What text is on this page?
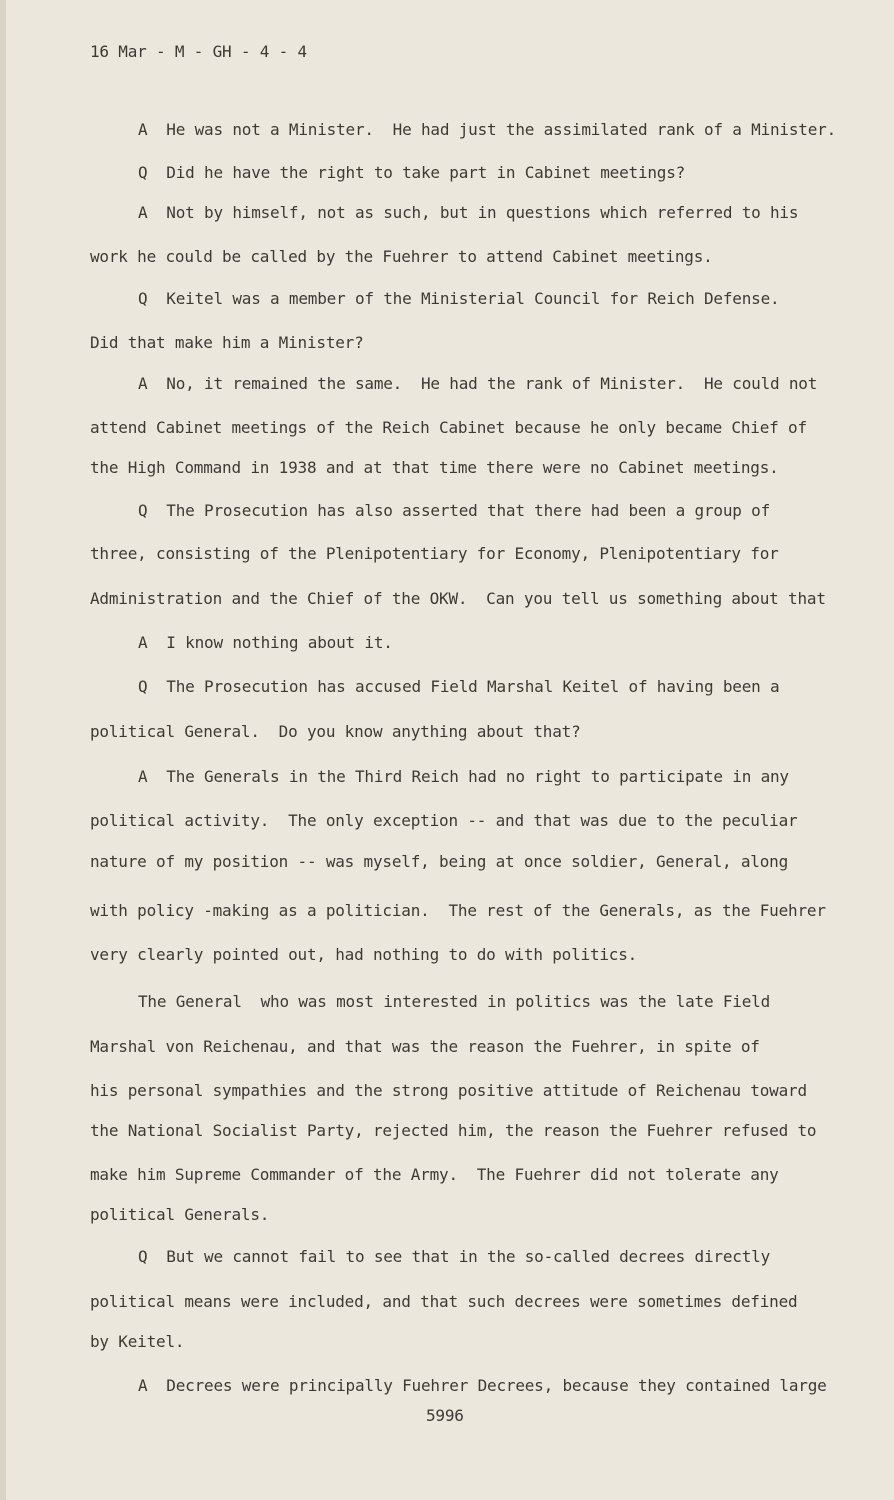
16 Mar - M - GH - 4 - 4
A  He was not a Minister.  He had just the assimilated rank of a Minister.
Q  Did he have the right to take part in Cabinet meetings?
A  Not by himself, not as such, but in questions which referred to his
work he could be called by the Fuehrer to attend Cabinet meetings.
Q  Keitel was a member of the Ministerial Council for Reich Defense.
Did that make him a Minister?
A  No, it remained the same.  He had the rank of Minister.  He could not
attend Cabinet meetings of the Reich Cabinet because he only became Chief of
the High Command in 1938 and at that time there were no Cabinet meetings.
Q  The Prosecution has also asserted that there had been a group of
three, consisting of the Plenipotentiary for Economy, Plenipotentiary for
Administration and the Chief of the OKW.  Can you tell us something about that
A  I know nothing about it.
Q  The Prosecution has accused Field Marshal Keitel of having been a
political General.  Do you know anything about that?
A  The Generals in the Third Reich had no right to participate in any
political activity.  The only exception -- and that was due to the peculiar
nature of my position -- was myself, being at once soldier, General, along
with policy -making as a politician.  The rest of the Generals, as the Fuehrer
very clearly pointed out, had nothing to do with politics.
The General  who was most interested in politics was the late Field
Marshal von Reichenau, and that was the reason the Fuehrer, in spite of
his personal sympathies and the strong positive attitude of Reichenau toward
the National Socialist Party, rejected him, the reason the Fuehrer refused to
make him Supreme Commander of the Army.  The Fuehrer did not tolerate any
political Generals.
Q  But we cannot fail to see that in the so-called decrees directly
political means were included, and that such decrees were sometimes defined
by Keitel.
A  Decrees were principally Fuehrer Decrees, because they contained large
5996
